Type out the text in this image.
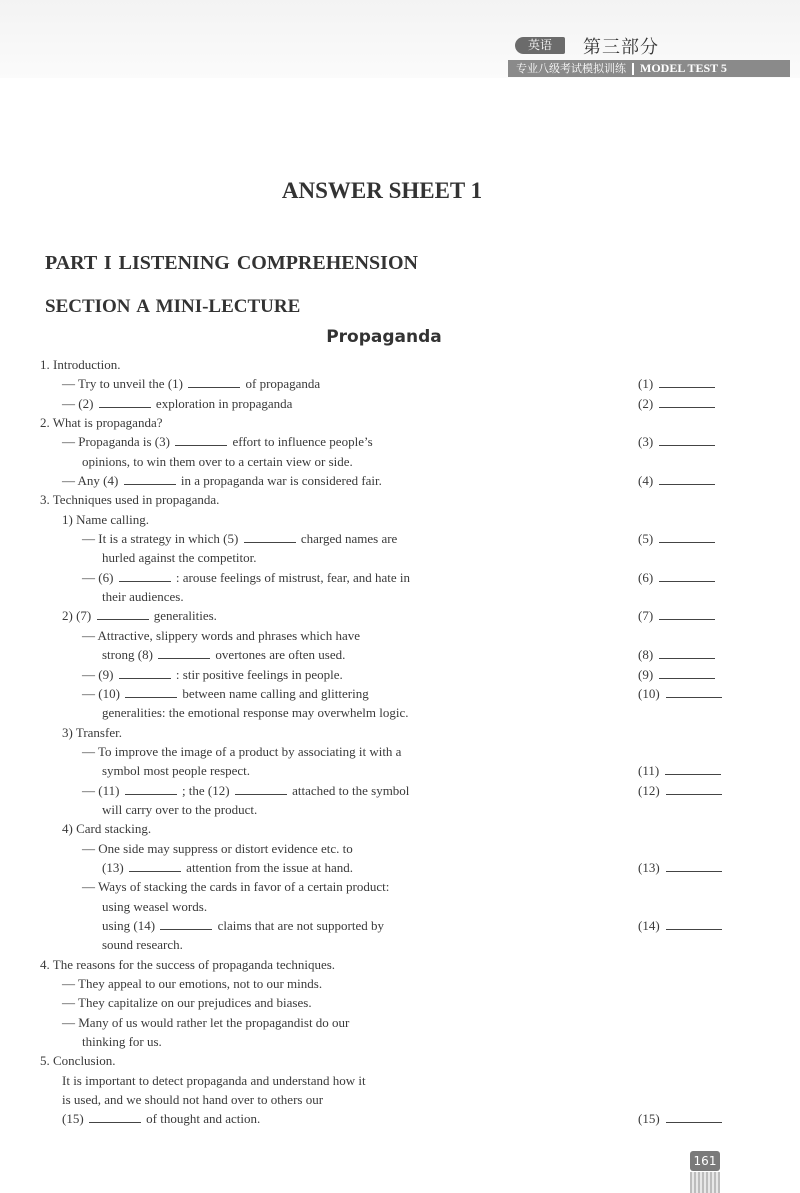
英语	第三部分
专业八级考试模拟训练 MODEL TEST 5
ANSWER SHEET 1
PART I LISTENING COMPREHENSION
SECTION A MINI-LECTURE
Propaganda
1. Introduction.
— Try to unveil the (1)	of propaganda	(1)
— (2)	exploration in propaganda	(2)
2. What is propaganda?
— Propaganda is (3)	effort to influence people’s	(3)
opinions, to win them over to a certain view or side.
— Any (4)	in a propaganda war is considered fair.	(4)
3. Techniques used in propaganda.
1) Name calling.
— It is a strategy in which (5)	charged names are	(5)
hurled against the competitor.
— (6)	: arouse feelings of mistrust, fear, and hate in	(6)
their audiences.
2) (7)	generalities.	(7)
— Attractive, slippery words and phrases which have
strong (8)	overtones are often used.	(8)
— (9)	: stir positive feelings in people.	(9)
— (10)	between name calling and glittering	(10)
generalities: the emotional response may overwhelm logic.
3) Transfer.
— To improve the image of a product by associating it with a
symbol most people respect.	(11)
— (11)	; the (12)	attached to the symbol	(12)
will carry over to the product.
4) Card stacking.
— One side may suppress or distort evidence etc. to
(13)	attention from the issue at hand.	(13)
— Ways of stacking the cards in favor of a certain product:
using weasel words.
using (14)	claims that are not supported by	(14)
sound research.
4. The reasons for the success of propaganda techniques.
— They appeal to our emotions, not to our minds.
— They capitalize on our prejudices and biases.
— Many of us would rather let the propagandist do our
thinking for us.
5. Conclusion.
It is important to detect propaganda and understand how it
is used, and we should not hand over to others our
(15)	of thought and action.	(15)
161
